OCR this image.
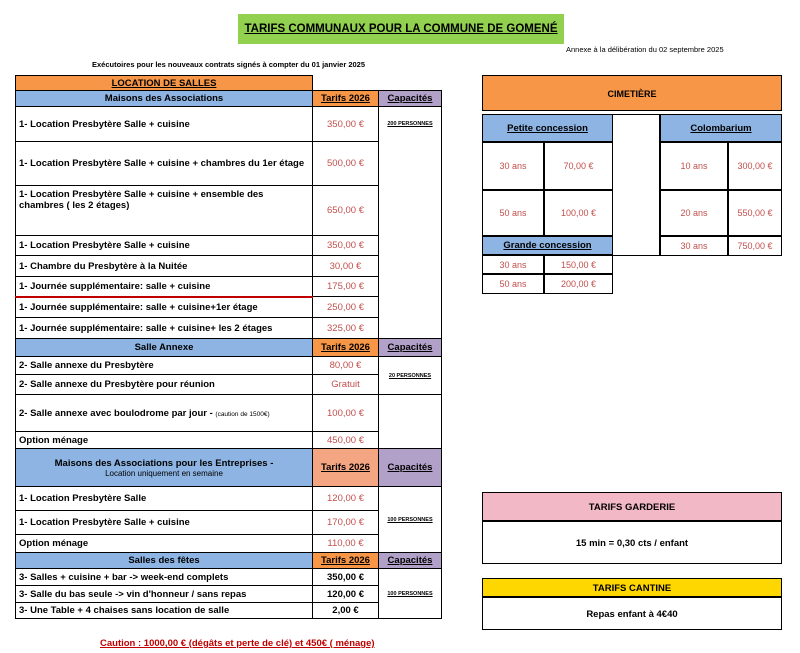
TARIFS COMMUNAUX POUR LA COMMUNE DE GOMENÉ
Annexe à la délibération du 02 septembre 2025
Exécutoires pour les nouveaux contrats signés à compter du 01 janvier 2025
LOCATION DE SALLES		
Maisons des Associations	Tarifs 2026	Capacités
1- Location Presbytère Salle + cuisine	350,00 €	200 PERSONNES
1- Location Presbytère Salle + cuisine + chambres du 1er étage	500,00 €	
1- Location Presbytère Salle + cuisine + ensemble des chambres ( les 2 étages)	650,00 €	
1- Location Presbytère Salle + cuisine	350,00 €	
1- Chambre du Presbytère à la Nuitée	30,00 €	
1- Journée supplémentaire: salle + cuisine	175,00 €	
1- Journée supplémentaire: salle + cuisine+1er étage	250,00 €	
1- Journée supplémentaire: salle + cuisine+ les 2 étages	325,00 €	
Salle Annexe	Tarifs 2026	Capacités
2- Salle annexe du Presbytère	80,00 €	20 PERSONNES
2- Salle annexe du Presbytère pour réunion	Gratuit	
2- Salle annexe avec boulodrome par jour - (caution de 1500€)	100,00 €	
Option ménage	450,00 €	

Maisons des Associations pour les Entreprises -
Location uniquement en semaine	Tarifs 2026	Capacités
1- Location Presbytère Salle	120,00 €	100 PERSONNES
1- Location Presbytère Salle + cuisine	170,00 €	
Option ménage	110,00 €	
Salles des fêtes	Tarifs 2026	Capacités
3- Salles + cuisine + bar -> week-end complets	350,00 €	100 PERSONNES
3- Salle du bas seule -> vin d'honneur / sans repas	120,00 €	
3- Une Table + 4 chaises sans location de salle	2,00 €	
CIMETIÈRE
Petite concession
30 ans	70,00 €
50 ans	100,00 €
Grande concession
30 ans	150,00 €
50 ans	200,00 €
Colombarium
10 ans	300,00 €
20 ans	550,00 €
30 ans	750,00 €
TARIFS GARDERIE
15 min = 0,30 cts / enfant
TARIFS CANTINE
Repas enfant à 4€40
Caution : 1000,00 € (dégâts et perte de clé) et 450€ ( ménage)
